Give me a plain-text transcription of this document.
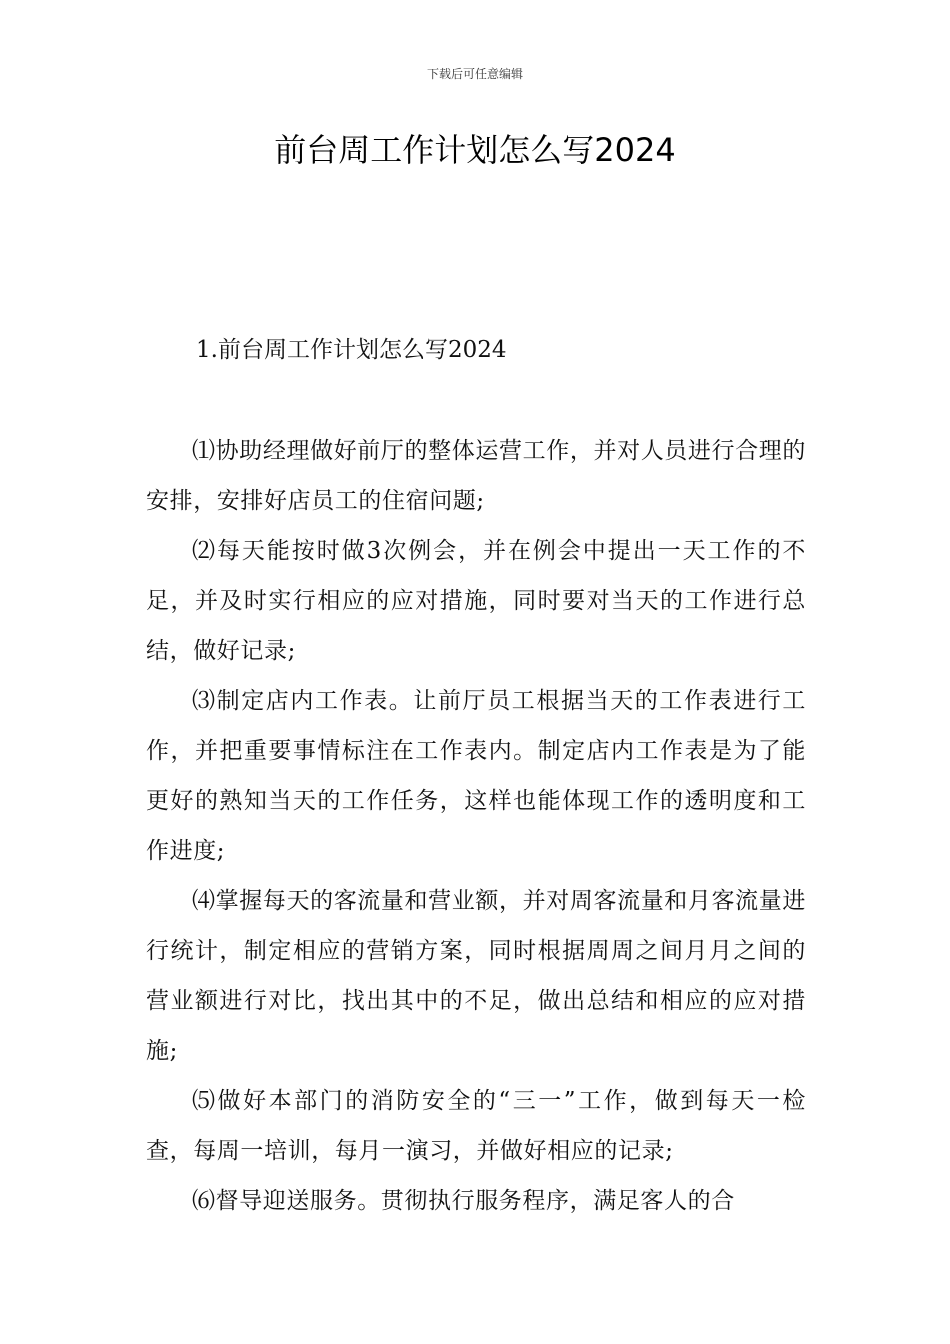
下载后可任意编辑
前台周工作计划怎么写2024
1.前台周工作计划怎么写2024

⑴协助经理做好前厅的整体运营工作，并对人员进行合理的安排，安排好店员工的住宿问题;

⑵每天能按时做3次例会，并在例会中提出一天工作的不足，并及时实行相应的应对措施，同时要对当天的工作进行总结，做好记录;

⑶制定店内工作表。让前厅员工根据当天的工作表进行工作，并把重要事情标注在工作表内。制定店内工作表是为了能更好的熟知当天的工作任务，这样也能体现工作的透明度和工作进度;

⑷掌握每天的客流量和营业额，并对周客流量和月客流量进行统计，制定相应的营销方案，同时根据周周之间月月之间的营业额进行对比，找出其中的不足，做出总结和相应的应对措施;

⑸做好本部门的消防安全的“三一”工作，做到每天一检查，每周一培训，每月一演习，并做好相应的记录;

⑹督导迎送服务。贯彻执行服务程序，满足客人的合
